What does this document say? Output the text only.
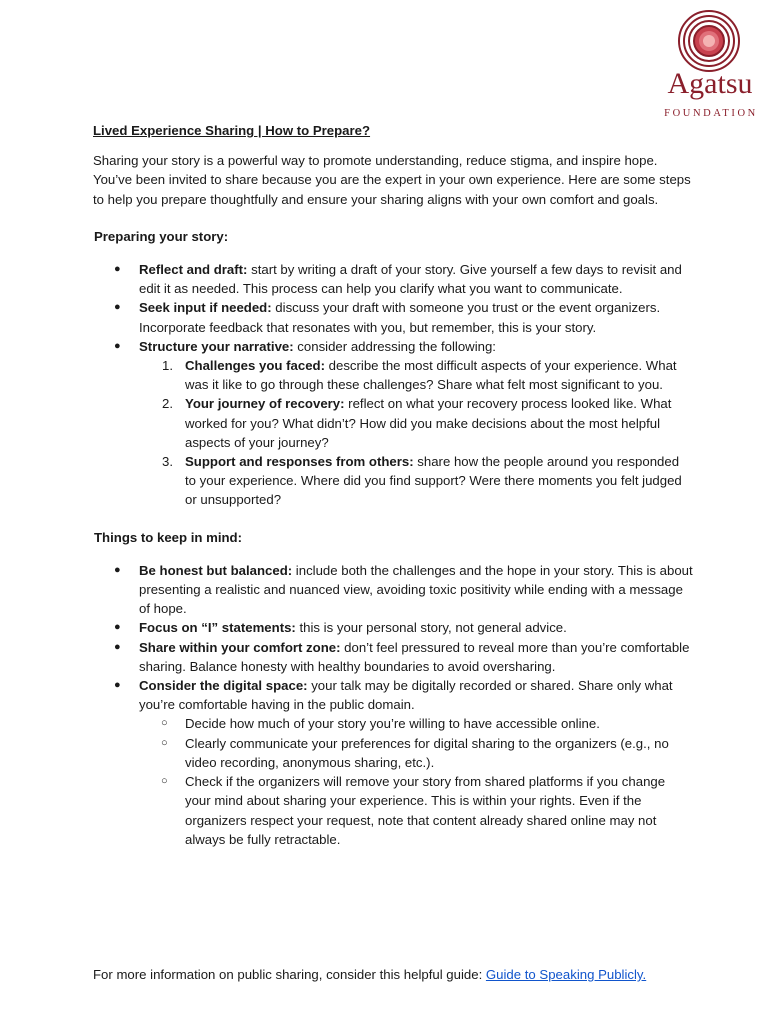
Agatsu
FOUNDATION
Lived Experience Sharing | How to Prepare?
Sharing your story is a powerful way to promote understanding, reduce stigma, and inspire hope. You’ve been invited to share because you are the expert in your own experience. Here are some steps to help you prepare thoughtfully and ensure your sharing aligns with your own comfort and goals.
Preparing your story:
● Reflect and draft: start by writing a draft of your story. Give yourself a few days to revisit and edit it as needed. This process can help you clarify what you want to communicate.
● Seek input if needed: discuss your draft with someone you trust or the event organizers. Incorporate feedback that resonates with you, but remember, this is your story.
● Structure your narrative: consider addressing the following:
1. Challenges you faced: describe the most difficult aspects of your experience. What was it like to go through these challenges? Share what felt most significant to you.
2. Your journey of recovery: reflect on what your recovery process looked like. What worked for you? What didn’t? How did you make decisions about the most helpful aspects of your journey?
3. Support and responses from others: share how the people around you responded to your experience. Where did you find support? Were there moments you felt judged or unsupported?
Things to keep in mind:
● Be honest but balanced: include both the challenges and the hope in your story. This is about presenting a realistic and nuanced view, avoiding toxic positivity while ending with a message of hope.
● Focus on “I” statements: this is your personal story, not general advice.
● Share within your comfort zone: don’t feel pressured to reveal more than you’re comfortable sharing. Balance honesty with healthy boundaries to avoid oversharing.
● Consider the digital space: your talk may be digitally recorded or shared. Share only what you’re comfortable having in the public domain.
○ Decide how much of your story you’re willing to have accessible online.
○ Clearly communicate your preferences for digital sharing to the organizers (e.g., no video recording, anonymous sharing, etc.).
○ Check if the organizers will remove your story from shared platforms if you change your mind about sharing your experience. This is within your rights. Even if the organizers respect your request, note that content already shared online may not always be fully retractable.
For more information on public sharing, consider this helpful guide: Guide to Speaking Publicly.
